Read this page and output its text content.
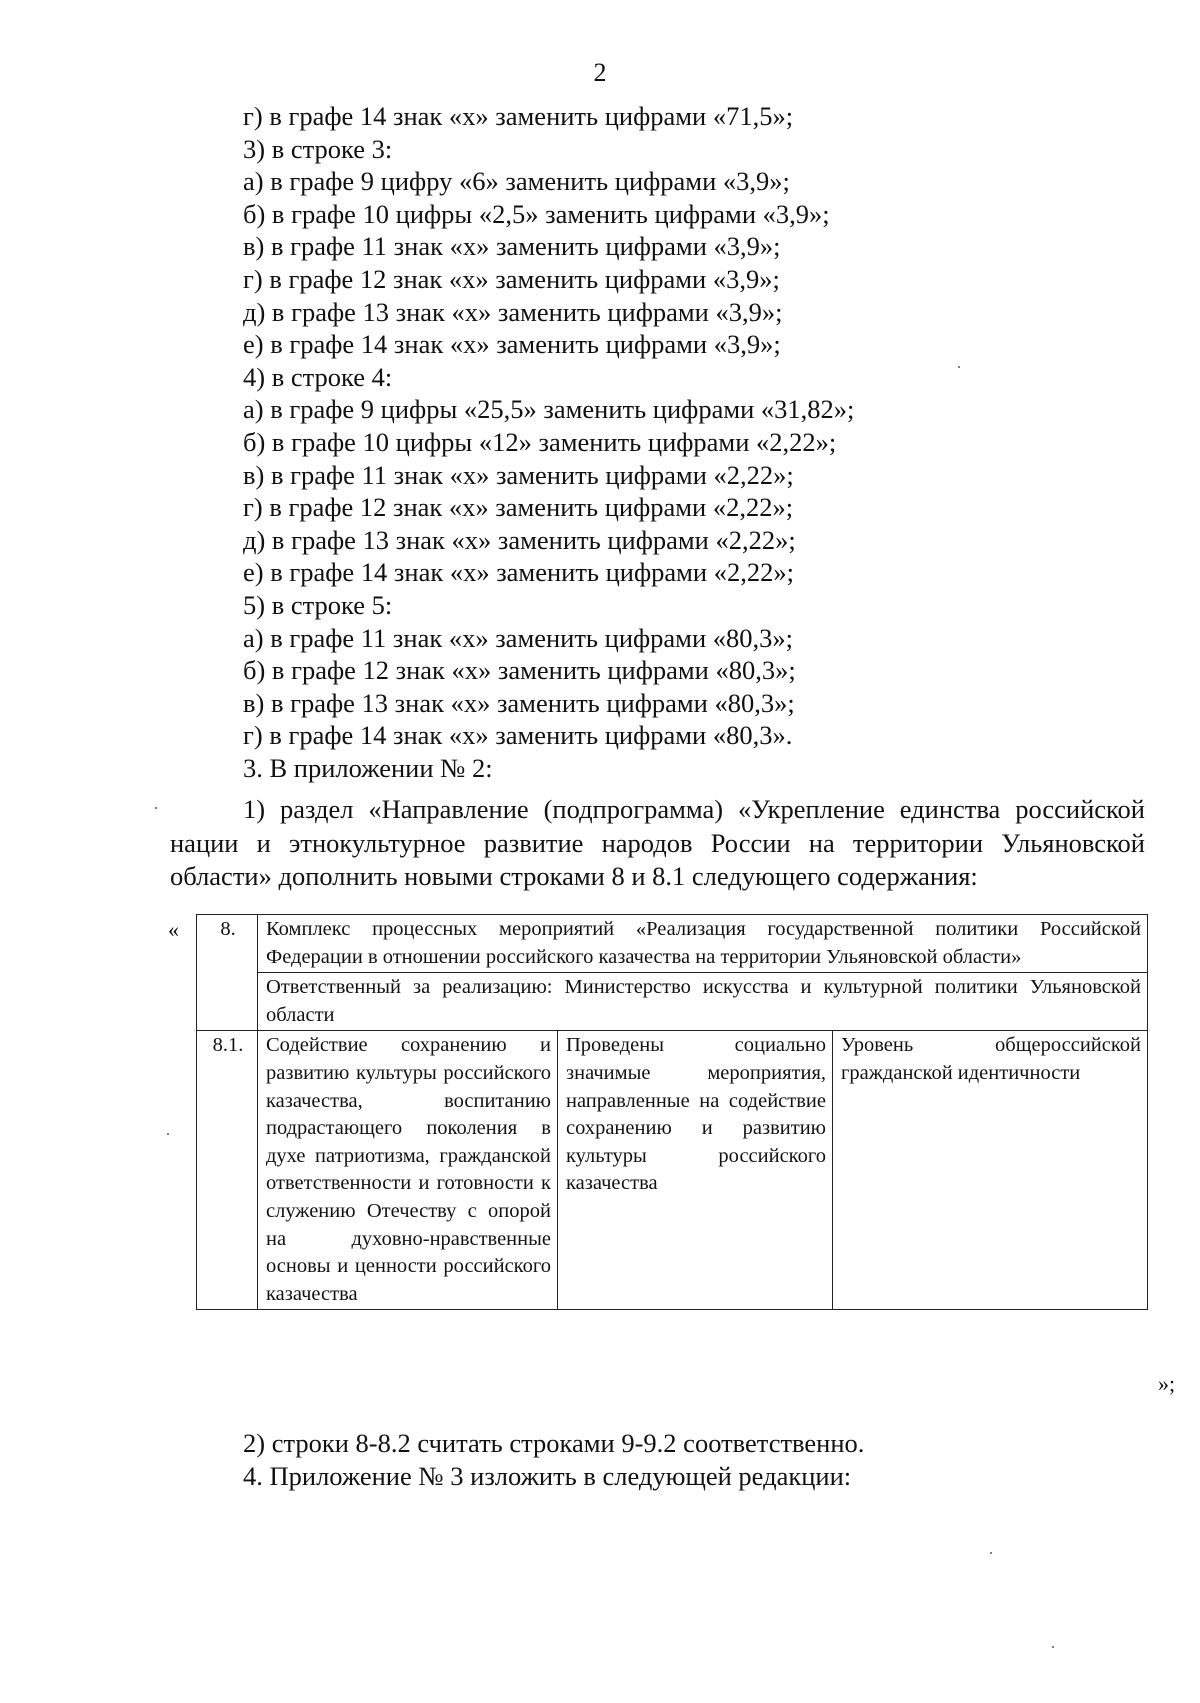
2
г) в графе 14 знак «х» заменить цифрами «71,5»;
3) в строке 3:
а) в графе 9 цифру «6» заменить цифрами «3,9»;
б) в графе 10 цифры «2,5» заменить цифрами «3,9»;
в) в графе 11 знак «х» заменить цифрами «3,9»;
г) в графе 12 знак «х» заменить цифрами «3,9»;
д) в графе 13 знак «х» заменить цифрами «3,9»;
е) в графе 14 знак «х» заменить цифрами «3,9»;
4) в строке 4:
а) в графе 9 цифры «25,5» заменить цифрами «31,82»;
б) в графе 10 цифры «12» заменить цифрами «2,22»;
в) в графе 11 знак «х» заменить цифрами «2,22»;
г) в графе 12 знак «х» заменить цифрами «2,22»;
д) в графе 13 знак «х» заменить цифрами «2,22»;
е) в графе 14 знак «х» заменить цифрами «2,22»;
5) в строке 5:
а) в графе 11 знак «х» заменить цифрами «80,3»;
б) в графе 12 знак «х» заменить цифрами «80,3»;
в) в графе 13 знак «х» заменить цифрами «80,3»;
г) в графе 14 знак «х» заменить цифрами «80,3».
3. В приложении № 2:
1) раздел «Направление (подпрограмма) «Укрепление единства российской нации и этнокультурное развитие народов России на территории Ульяновской области» дополнить новыми строками 8 и 8.1 следующего содержания:
« 8.	Комплекс процессных мероприятий «Реализация государственной политики Российской Федерации в отношении российского казачества на территории Ульяновской области»		
	Ответственный за реализацию: Министерство искусства и культурной политики Ульяновской области		
8.1.	Содействие сохранению и развитию культуры российского казачества, воспитанию подрастающего поколения в духе патриотизма, гражданской ответственности и готовности к служению Отечеству с опорой на духовно-нравственные основы и ценности российского казачества	Проведены социально значимые мероприятия, направленные на содействие сохранению и развитию культуры российского казачества	Уровень общероссийской гражданской идентичности
»;
2) строки 8-8.2 считать строками 9-9.2 соответственно.
4. Приложение № 3 изложить в следующей редакции:
